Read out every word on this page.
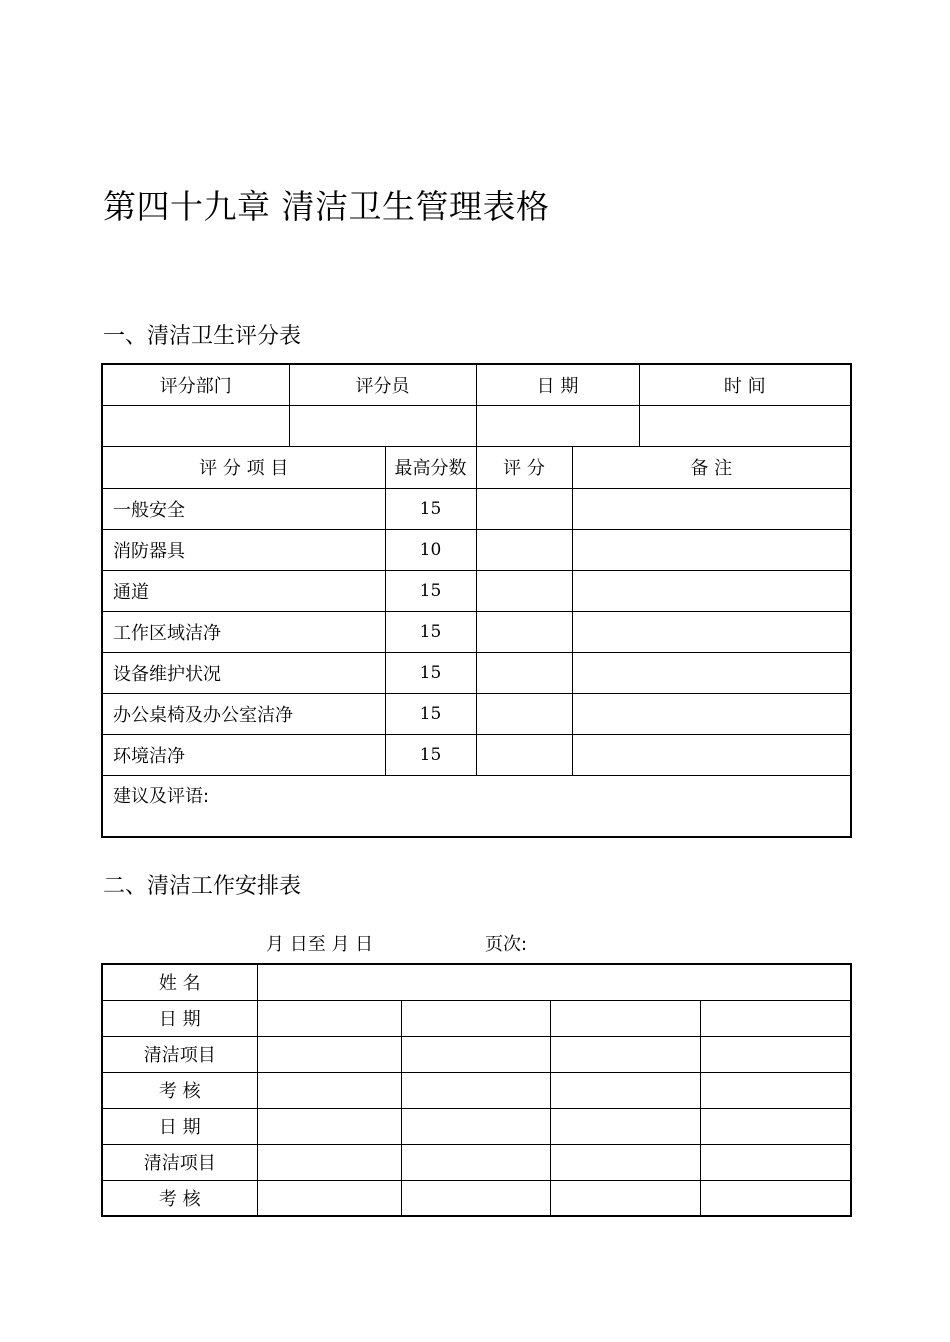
第四十九章 清洁卫生管理表格
一、清洁卫生评分表
评分部门	评分员		日 期		时 间

评 分 项 目		最高分数	评 分	备 注	
一般安全		15			
消防器具		10			
通道		15			
工作区域洁净		15			
设备维护状况		15			
办公桌椅及办公室洁净		15			
环境洁净		15			
建议及评语:					
二、清洁工作安排表
月 日至 月 日	页次:
姓 名				
日 期				
清洁项目				
考 核				
日 期				
清洁项目				
考 核				
